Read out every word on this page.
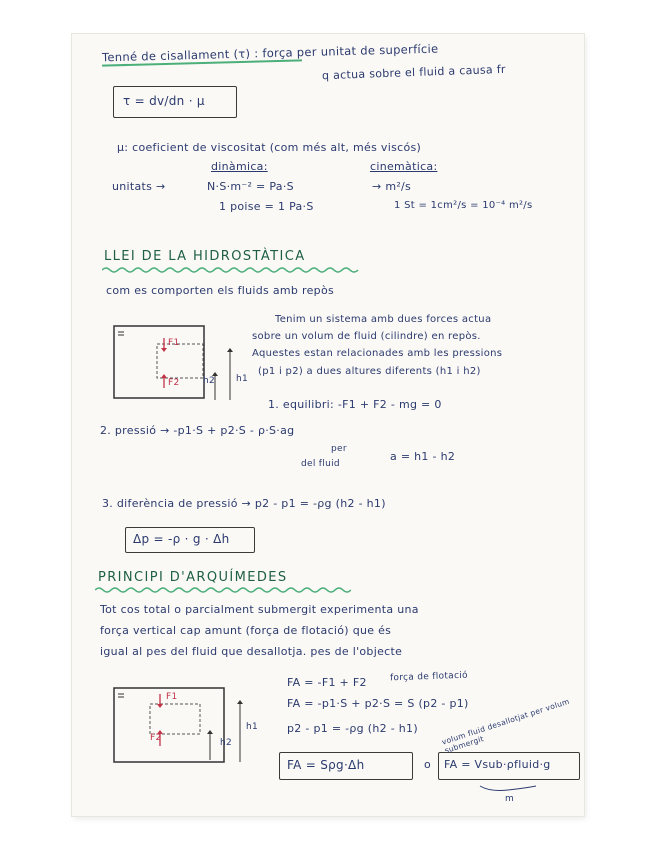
Tenné de cisallament (τ) : força per unitat de superfície
q actua sobre el fluid a causa fr
τ = dv/dn · μ
μ: coeficient de viscositat (com més alt, més viscós)
dinàmica:	cinemàtica:
unitats →	N·S·m⁻² = Pa·S	→ m²/s
1 poise = 1 Pa·S	1 St = 1cm²/s = 10⁻⁴ m²/s
LLEI DE LA HIDROSTÀTICA
com es comporten els fluids amb repòs
F1
F2	h2 h1
Tenim un sistema amb dues forces actua
sobre un volum de fluid (cilindre) en repòs.
Aquestes estan relacionades amb les pressions
(p1 i p2) a dues altures diferents (h1 i h2)
1. equilibri: -F1 + F2 - mg = 0
2. pressió → -p1·S + p2·S - ρ·S·ag
per
del fluid
a = h1 - h2
3. diferència de pressió → p2 - p1 = -ρg (h2 - h1)
Δp = -ρ · g · Δh
PRINCIPI D'ARQUÍMEDES
Tot cos total o parcialment submergit experimenta una
força vertical cap amunt (força de flotació) que és
igual al pes del fluid que desallotja. pes de l'objecte
F1
F2	h2
h1
FA = -F1 + F2	força de flotació
FA = -p1·S + p2·S = S (p2 - p1)
p2 - p1 = -ρg (h2 - h1)	volum fluid desallotjat per volum submergit
FA = Sρg·Δh	o FA = Vsub·ρfluid·g
m
